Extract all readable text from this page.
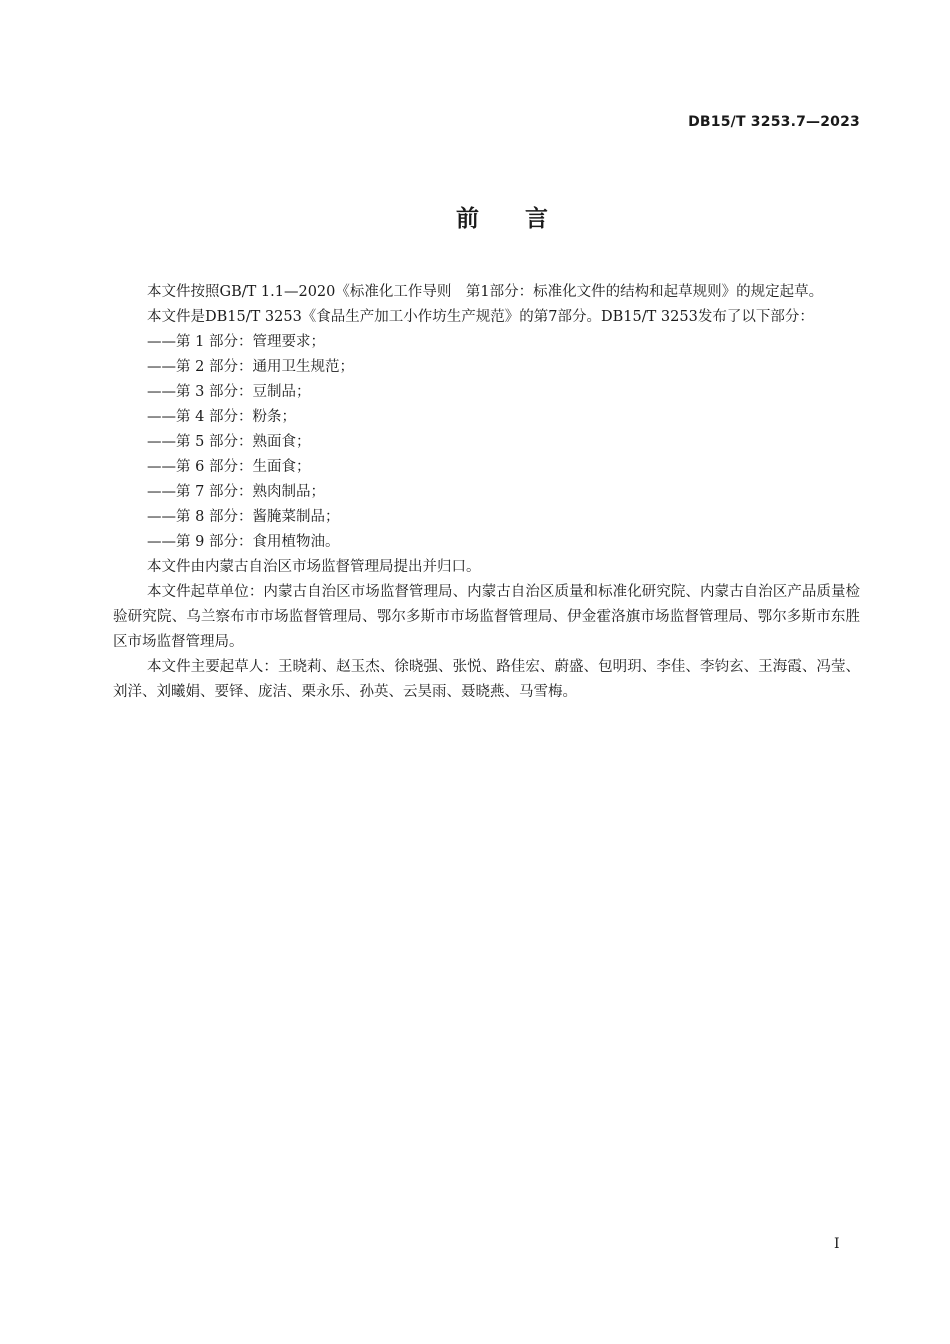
DB15/T 3253.7—2023
前 言

本文件按照GB/T 1.1—2020《标准化工作导则　第1部分：标准化文件的结构和起草规则》的规定起草。

本文件是DB15/T 3253《食品生产加工小作坊生产规范》的第7部分。DB15/T 3253发布了以下部分：

——第 1 部分：管理要求；
——第 2 部分：通用卫生规范；
——第 3 部分：豆制品；
——第 4 部分：粉条；
——第 5 部分：熟面食；
——第 6 部分：生面食；
——第 7 部分：熟肉制品；
——第 8 部分：酱腌菜制品；
——第 9 部分：食用植物油。

本文件由内蒙古自治区市场监督管理局提出并归口。

本文件起草单位：内蒙古自治区市场监督管理局、内蒙古自治区质量和标准化研究院、内蒙古自治区产品质量检验研究院、乌兰察布市市场监督管理局、鄂尔多斯市市场监督管理局、伊金霍洛旗市场监督管理局、鄂尔多斯市东胜区市场监督管理局。

本文件主要起草人：王晓莉、赵玉杰、徐晓强、张悦、路佳宏、蔚盛、包明玥、李佳、李钧玄、王海霞、冯莹、刘洋、刘曦娟、要铎、庞洁、栗永乐、孙英、云昊雨、聂晓燕、马雪梅。

I
